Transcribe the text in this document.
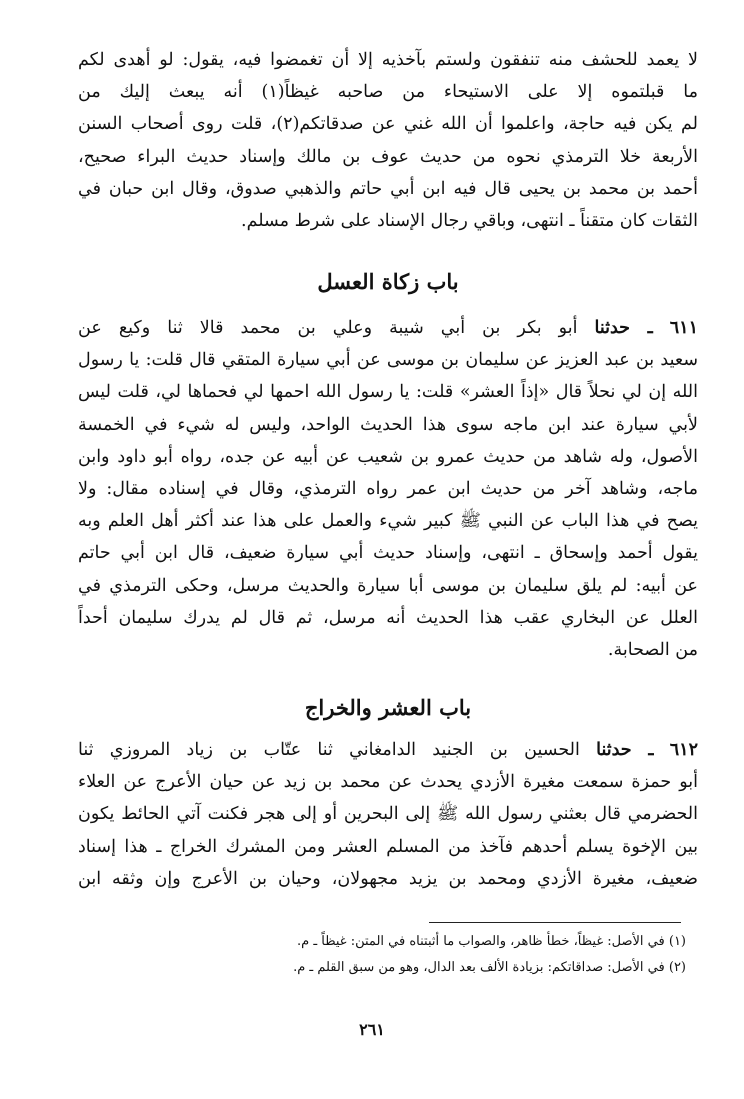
لا يعمد للحشف منه تنفقون ولستم بآخذيه إلا أن تغمضوا فيه، يقول: لو أهدى لكم
ما قبلتموه إلا على الاستيحاء من صاحبه غيظاً(١) أنه يبعث إليك من
لم يكن فيه حاجة، واعلموا أن الله غني عن صدقاتكم(٢)، قلت روى أصحاب السنن
الأربعة خلا الترمذي نحوه من حديث عوف بن مالك وإسناد حديث البراء صحيح،
أحمد بن محمد بن يحيى قال فيه ابن أبي حاتم والذهبي صدوق، وقال ابن حبان في
الثقات كان متقناً ـ انتهى، وباقي رجال الإسناد على شرط مسلم.

باب زكاة العسل

٦١١ ـ حدثنا أبو بكر بن أبي شيبة وعلي بن محمد قالا ثنا وكيع عن
سعيد بن عبد العزيز عن سليمان بن موسى عن أبي سيارة المتقي قال قلت: يا رسول
الله إن لي نحلاً قال «إذاً العشر» قلت: يا رسول الله احمها لي فحماها لي، قلت ليس
لأبي سيارة عند ابن ماجه سوى هذا الحديث الواحد، وليس له شيء في الخمسة
الأصول، وله شاهد من حديث عمرو بن شعيب عن أبيه عن جده، رواه أبو داود وابن
ماجه، وشاهد آخر من حديث ابن عمر رواه الترمذي، وقال في إسناده مقال: ولا
يصح في هذا الباب عن النبي ﷺ كبير شيء والعمل على هذا عند أكثر أهل العلم وبه
يقول أحمد وإسحاق ـ انتهى، وإسناد حديث أبي سيارة ضعيف، قال ابن أبي حاتم
عن أبيه: لم يلق سليمان بن موسى أبا سيارة والحديث مرسل، وحكى الترمذي في
العلل عن البخاري عقب هذا الحديث أنه مرسل، ثم قال لم يدرك سليمان أحداً
من الصحابة.

باب العشر والخراج

٦١٢ ـ حدثنا الحسين بن الجنيد الدامغاني ثنا عتّاب بن زياد المروزي ثنا
أبو حمزة سمعت مغيرة الأزدي يحدث عن محمد بن زيد عن حيان الأعرج عن العلاء
الحضرمي قال بعثني رسول الله ﷺ إلى البحرين أو إلى هجر فكنت آتي الحائط يكون
بين الإخوة يسلم أحدهم فآخذ من المسلم العشر ومن المشرك الخراج ـ هذا إسناد
ضعيف، مغيرة الأزدي ومحمد بن يزيد مجهولان، وحيان بن الأعرج وإن وثقه ابن

(١) في الأصل: غيظاً، خطأ ظاهر، والصواب ما أثبتناه في المتن: غيظاً ـ م.
(٢) في الأصل: صداقاتكم: بزيادة الألف بعد الدال، وهو من سبق القلم ـ م.
٢٦١
